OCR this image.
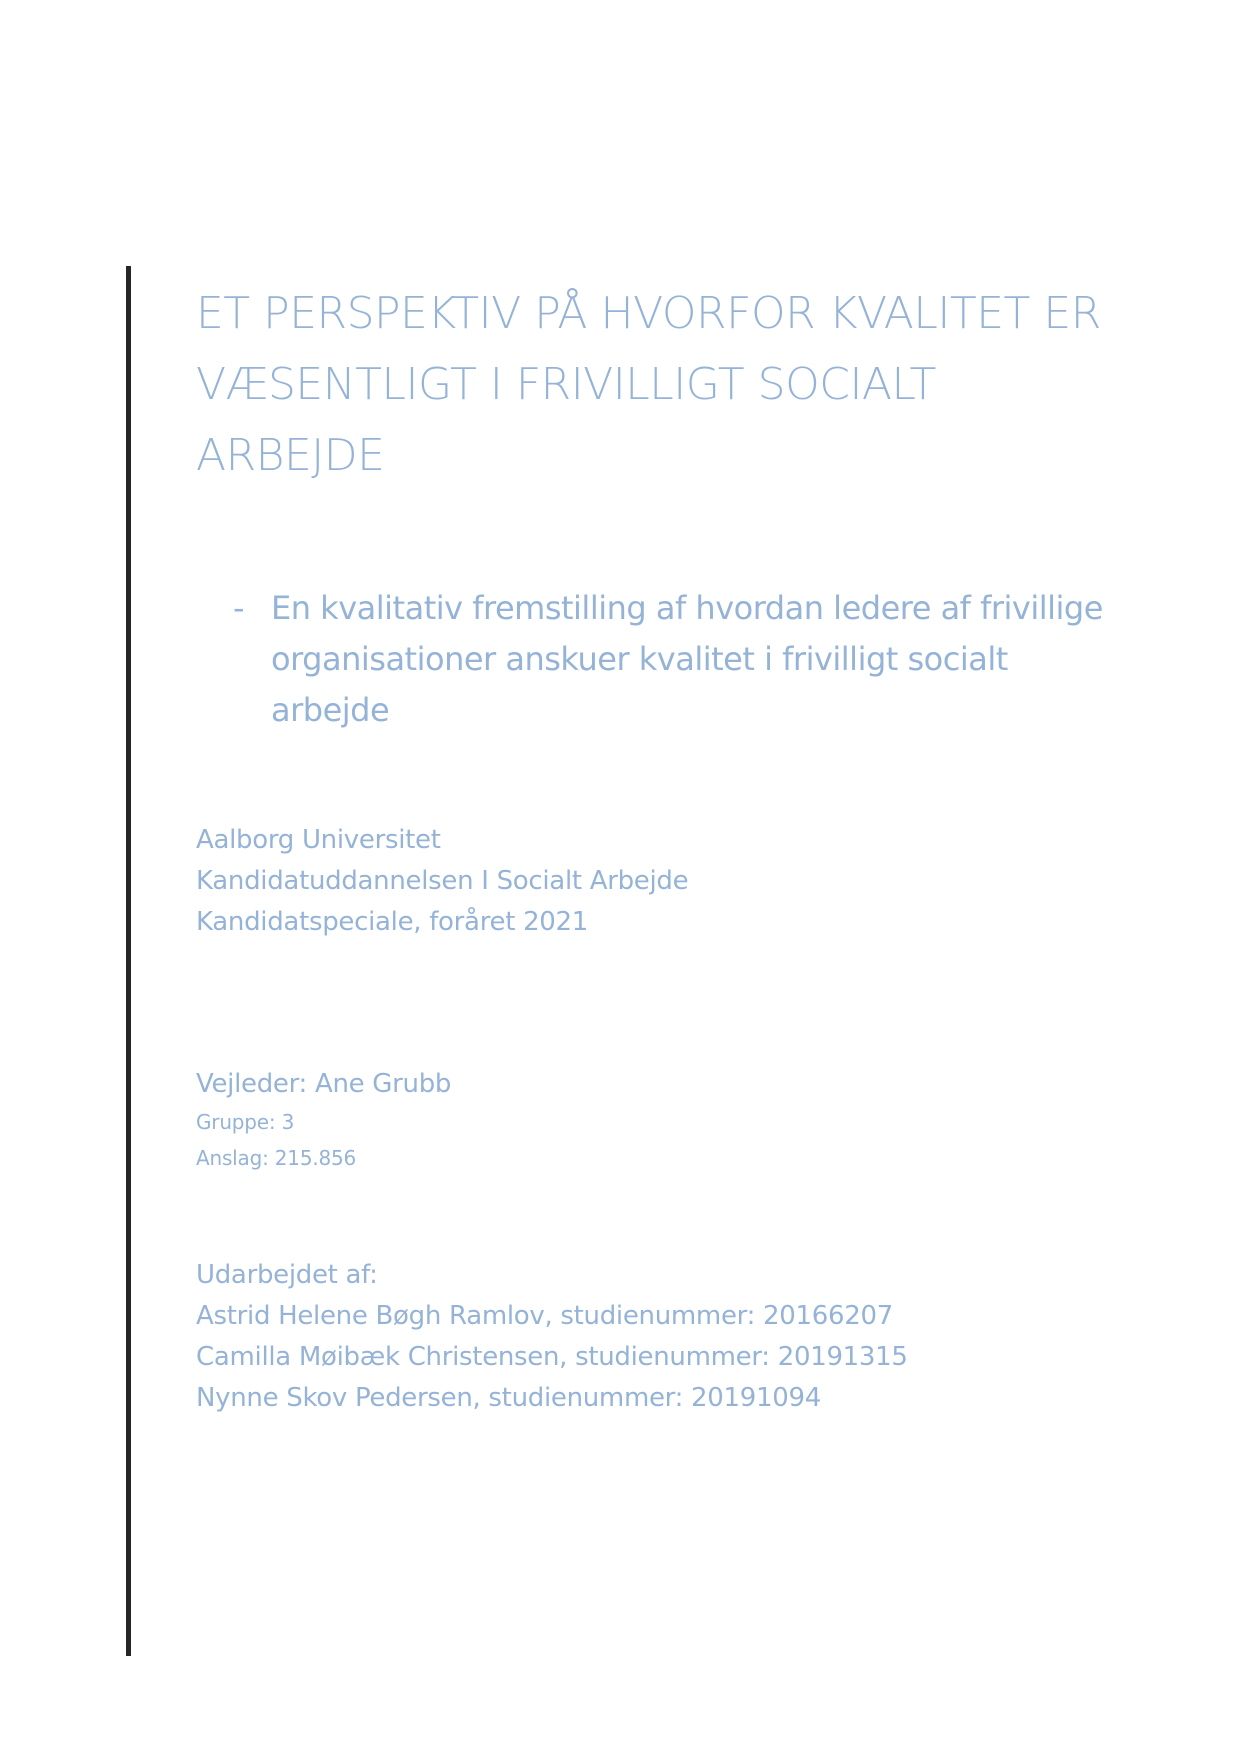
ET PERSPEKTIV PÅ HVORFOR KVALITET ER
VÆSENTLIGT I FRIVILLIGT SOCIALT
ARBEJDE
- En kvalitativ fremstilling af hvordan ledere af frivillige
organisationer anskuer kvalitet i frivilligt socialt
arbejde
Aalborg Universitet
Kandidatuddannelsen I Socialt Arbejde
Kandidatspeciale, foråret 2021
Vejleder: Ane Grubb
Gruppe: 3
Anslag: 215.856
Udarbejdet af:
Astrid Helene Bøgh Ramlov, studienummer: 20166207
Camilla Møibæk Christensen, studienummer: 20191315
Nynne Skov Pedersen, studienummer: 20191094
